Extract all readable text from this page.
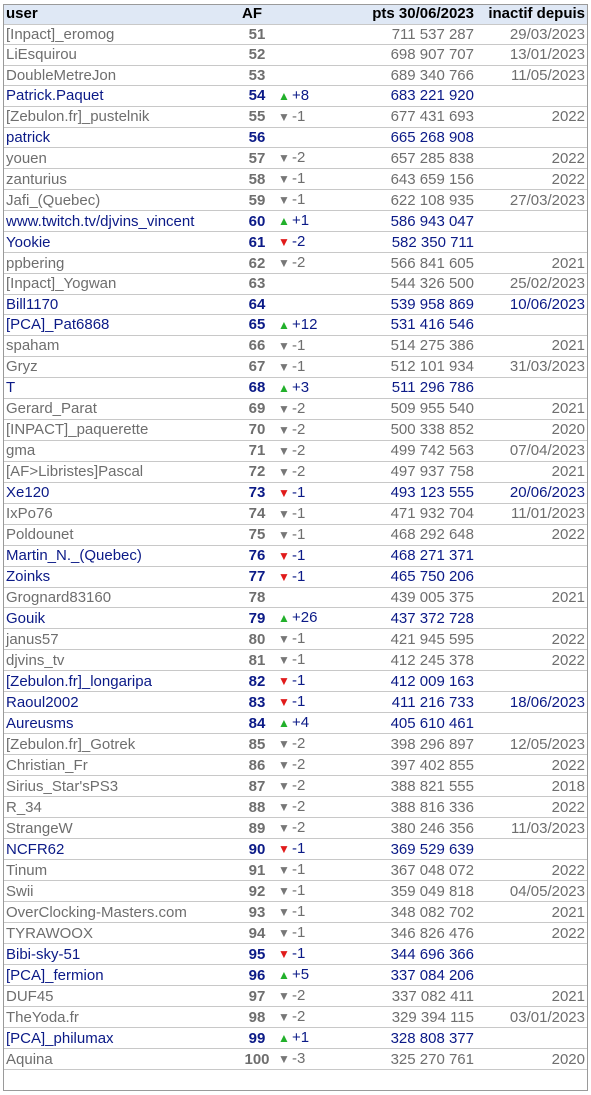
user	AF		pts 30/06/2023	inactif depuis
[Inpact]_eromog	51		711 537 287	29/03/2023
LiEsquirou	52		698 907 707	13/01/2023
DoubleMetreJon	53		689 340 766	11/05/2023
Patrick.Paquet	54	▲ +8	683 221 920	
[Zebulon.fr]_pustelnik	55	▼ -1	677 431 693	2022
patrick	56		665 268 908	
youen	57	▼ -2	657 285 838	2022
zanturius	58	▼ -1	643 659 156	2022
Jafi_(Quebec)	59	▼ -1	622 108 935	27/03/2023
www.twitch.tv/djvins_vincent	60	▲ +1	586 943 047	
Yookie	61	▼ -2	582 350 711	
ppbering	62	▼ -2	566 841 605	2021
[Inpact]_Yogwan	63		544 326 500	25/02/2023
Bill1170	64		539 958 869	10/06/2023
[PCA]_Pat6868	65	▲ +12	531 416 546	
spaham	66	▼ -1	514 275 386	2021
Gryz	67	▼ -1	512 101 934	31/03/2023
T	68	▲ +3	511 296 786	
Gerard_Parat	69	▼ -2	509 955 540	2021
[INPACT]_paquerette	70	▼ -2	500 338 852	2020
gma	71	▼ -2	499 742 563	07/04/2023
[AF>Libristes]Pascal	72	▼ -2	497 937 758	2021
Xe120	73	▼ -1	493 123 555	20/06/2023
IxPo76	74	▼ -1	471 932 704	11/01/2023
Poldounet	75	▼ -1	468 292 648	2022
Martin_N._(Quebec)	76	▼ -1	468 271 371	
Zoinks	77	▼ -1	465 750 206	
Grognard83160	78		439 005 375	2021
Gouik	79	▲ +26	437 372 728	
janus57	80	▼ -1	421 945 595	2022
djvins_tv	81	▼ -1	412 245 378	2022
[Zebulon.fr]_longaripa	82	▼ -1	412 009 163	
Raoul2002	83	▼ -1	411 216 733	18/06/2023
Aureusms	84	▲ +4	405 610 461	
[Zebulon.fr]_Gotrek	85	▼ -2	398 296 897	12/05/2023
Christian_Fr	86	▼ -2	397 402 855	2022
Sirius_Star'sPS3	87	▼ -2	388 821 555	2018
R_34	88	▼ -2	388 816 336	2022
StrangeW	89	▼ -2	380 246 356	11/03/2023
NCFR62	90	▼ -1	369 529 639	
Tinum	91	▼ -1	367 048 072	2022
Swii	92	▼ -1	359 049 818	04/05/2023
OverClocking-Masters.com	93	▼ -1	348 082 702	2021
TYRAWOOX	94	▼ -1	346 826 476	2022
Bibi-sky-51	95	▼ -1	344 696 366	
[PCA]_fermion	96	▲ +5	337 084 206	
DUF45	97	▼ -2	337 082 411	2021
TheYoda.fr	98	▼ -2	329 394 115	03/01/2023
[PCA]_philumax	99	▲ +1	328 808 377	
Aquina	100	▼ -3	325 270 761	2020
